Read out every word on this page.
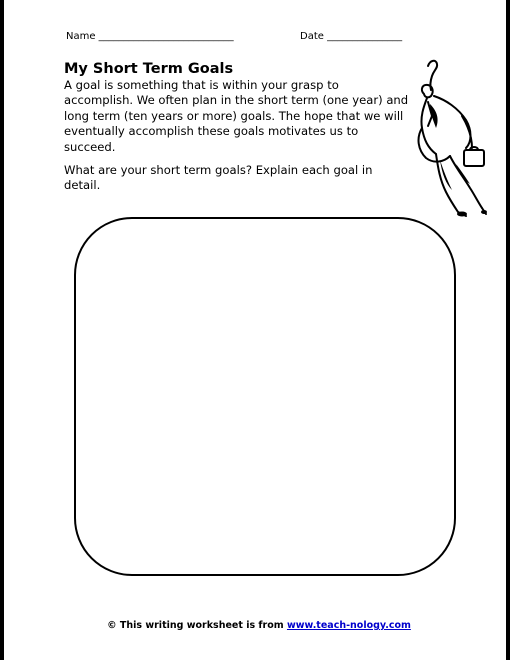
Name ___________________________	Date _______________
My Short Term Goals

A goal is something that is within your grasp to accomplish. We often plan in the short term (one year) and long term (ten years or more) goals. The hope that we will eventually accomplish these goals motivates us to succeed.

What are your short term goals? Explain each goal in detail.

© This writing worksheet is from www.teach-nology.com
